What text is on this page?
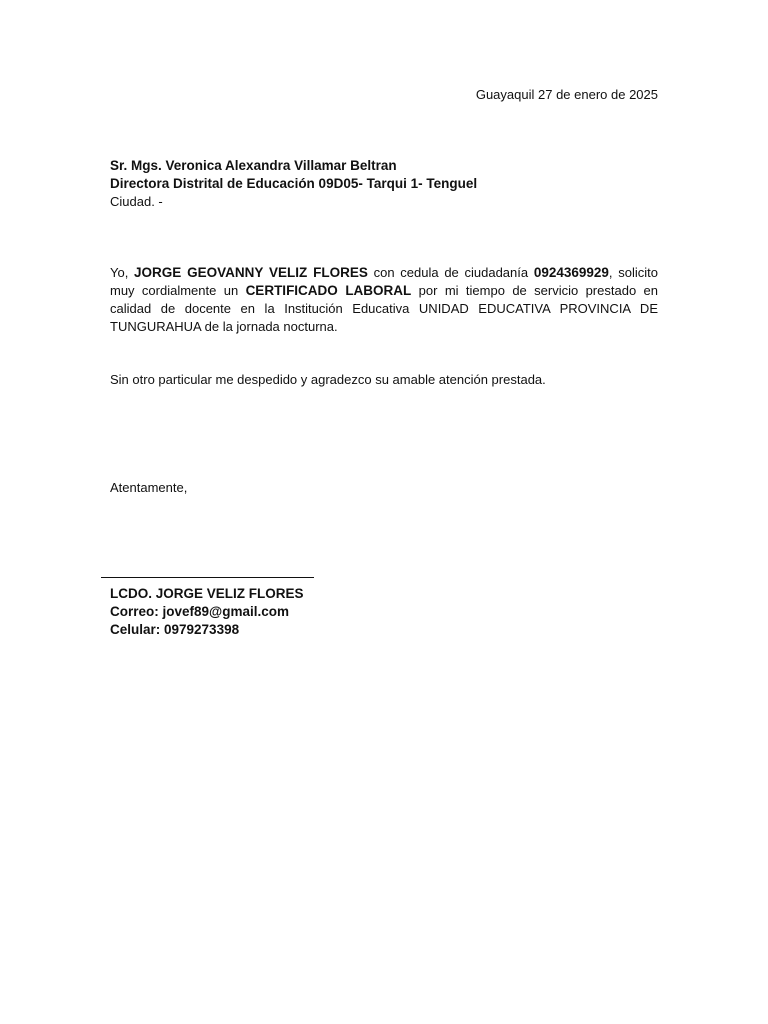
Guayaquil 27 de enero de 2025
Sr. Mgs. Veronica Alexandra Villamar Beltran
Directora Distrital de Educación 09D05- Tarqui 1- Tenguel
Ciudad. -
Yo, JORGE GEOVANNY VELIZ FLORES con cedula de ciudadanía 0924369929, solicito muy cordialmente un CERTIFICADO LABORAL por mi tiempo de servicio prestado en calidad de docente en la Institución Educativa UNIDAD EDUCATIVA PROVINCIA DE TUNGURAHUA de la jornada nocturna.
Sin otro particular me despedido y agradezco su amable atención prestada.
Atentamente,
LCDO. JORGE VELIZ FLORES
Correo: jovef89@gmail.com
Celular: 0979273398
